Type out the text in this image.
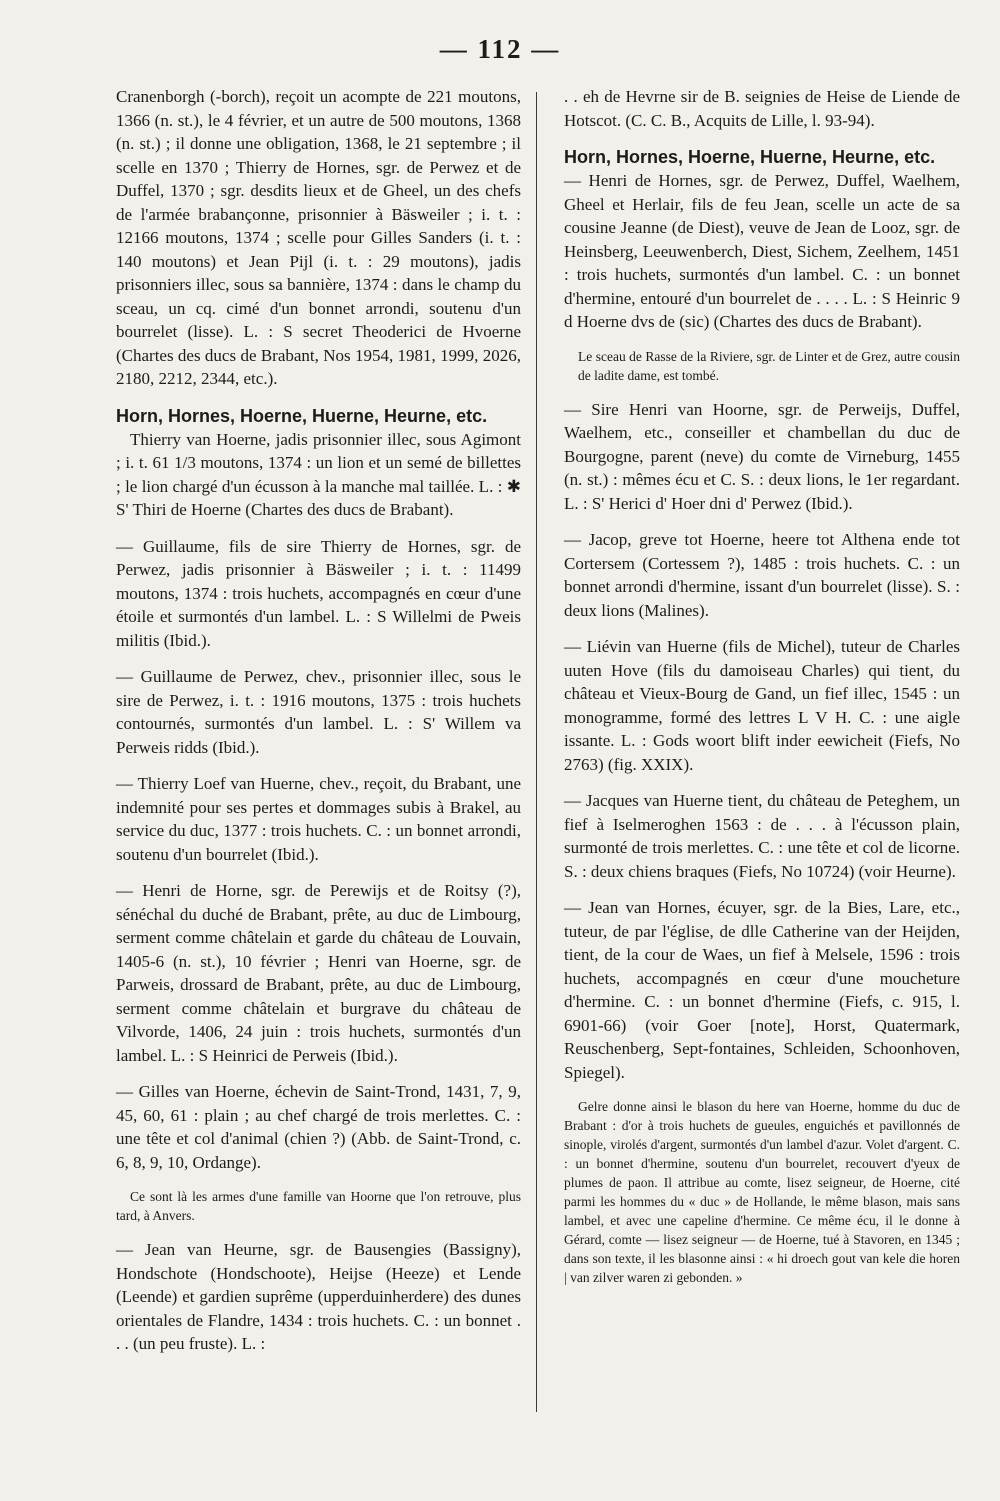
— 112 —

Cranenborgh (-borch), reçoit un acompte de 221 moutons, 1366 (n. st.), le 4 février, et un autre de 500 moutons, 1368 (n. st.) ; il donne une obligation, 1368, le 21 septembre ; il scelle en 1370 ; Thierry de Hornes, sgr. de Perwez et de Duffel, 1370 ; sgr. desdits lieux et de Gheel, un des chefs de l'armée brabançonne, prisonnier à Bäsweiler ; i. t. : 12166 moutons, 1374 ; scelle pour Gilles Sanders (i. t. : 140 moutons) et Jean Pijl (i. t. : 29 moutons), jadis prisonniers illec, sous sa bannière, 1374 : dans le champ du sceau, un cq. cimé d'un bonnet arrondi, soutenu d'un bourrelet (lisse). L. : S secret Theoderici de Hvoerne (Chartes des ducs de Brabant, Nos 1954, 1981, 1999, 2026, 2180, 2212, 2344, etc.).

Horn, Hornes, Hoerne, Huerne, Heurne, etc.

Thierry van Hoerne, jadis prisonnier illec, sous Agimont ; i. t. 61 1/3 moutons, 1374 : un lion et un semé de billettes ; le lion chargé d'un écusson à la manche mal taillée. L. : ✱ S' Thiri de Hoerne (Chartes des ducs de Brabant).

— Guillaume, fils de sire Thierry de Hornes, sgr. de Perwez, jadis prisonnier à Bäsweiler ; i. t. : 11499 moutons, 1374 : trois huchets, accompagnés en cœur d'une étoile et surmontés d'un lambel. L. : S Willelmi de Pweis militis (Ibid.).

— Guillaume de Perwez, chev., prisonnier illec, sous le sire de Perwez, i. t. : 1916 moutons, 1375 : trois huchets contournés, surmontés d'un lambel. L. : S' Willem va Perweis ridds (Ibid.).

— Thierry Loef van Huerne, chev., reçoit, du Brabant, une indemnité pour ses pertes et dommages subis à Brakel, au service du duc, 1377 : trois huchets. C. : un bonnet arrondi, soutenu d'un bourrelet (Ibid.).

— Henri de Horne, sgr. de Perewijs et de Roitsy (?), sénéchal du duché de Brabant, prête, au duc de Limbourg, serment comme châtelain et garde du château de Louvain, 1405-6 (n. st.), 10 février ; Henri van Hoerne, sgr. de Parweis, drossard de Brabant, prête, au duc de Limbourg, serment comme châtelain et burgrave du château de Vilvorde, 1406, 24 juin : trois huchets, surmontés d'un lambel. L. : S Heinrici de Perweis (Ibid.).

— Gilles van Hoerne, échevin de Saint-Trond, 1431, 7, 9, 45, 60, 61 : plain ; au chef chargé de trois merlettes. C. : une tête et col d'animal (chien ?) (Abb. de Saint-Trond, c. 6, 8, 9, 10, Ordange).

Ce sont là les armes d'une famille van Hoorne que l'on retrouve, plus tard, à Anvers.

— Jean van Heurne, sgr. de Bausengies (Bassigny), Hondschote (Hondschoote), Heijse (Heeze) et Lende (Leende) et gardien suprême (upperduinherdere) des dunes orientales de Flandre, 1434 : trois huchets. C. : un bonnet . . . (un peu fruste). L. :

. . eh de Hevrne sir de B. seignies de Heise de Liende de Hotscot. (C. C. B., Acquits de Lille, l. 93-94).

Horn, Hornes, Hoerne, Huerne, Heurne, etc.

— Henri de Hornes, sgr. de Perwez, Duffel, Waelhem, Gheel et Herlair, fils de feu Jean, scelle un acte de sa cousine Jeanne (de Diest), veuve de Jean de Looz, sgr. de Heinsberg, Leeuwenberch, Diest, Sichem, Zeelhem, 1451 : trois huchets, surmontés d'un lambel. C. : un bonnet d'hermine, entouré d'un bourrelet de . . . . L. : S Heinric 9 d Hoerne dvs de (sic) (Chartes des ducs de Brabant).

Le sceau de Rasse de la Riviere, sgr. de Linter et de Grez, autre cousin de ladite dame, est tombé.

— Sire Henri van Hoorne, sgr. de Perweijs, Duffel, Waelhem, etc., conseiller et chambellan du duc de Bourgogne, parent (neve) du comte de Virneburg, 1455 (n. st.) : mêmes écu et C. S. : deux lions, le 1er regardant. L. : S' Herici d' Hoer dni d' Perwez (Ibid.).

— Jacop, greve tot Hoerne, heere tot Althena ende tot Cortersem (Cortessem ?), 1485 : trois huchets. C. : un bonnet arrondi d'hermine, issant d'un bourrelet (lisse). S. : deux lions (Malines).

— Liévin van Huerne (fils de Michel), tuteur de Charles uuten Hove (fils du damoiseau Charles) qui tient, du château et Vieux-Bourg de Gand, un fief illec, 1545 : un monogramme, formé des lettres L V H. C. : une aigle issante. L. : Gods woort blift inder eewicheit (Fiefs, No 2763) (fig. XXIX).

— Jacques van Huerne tient, du château de Peteghem, un fief à Iselmeroghen 1563 : de . . . à l'écusson plain, surmonté de trois merlettes. C. : une tête et col de licorne. S. : deux chiens braques (Fiefs, No 10724) (voir Heurne).

— Jean van Hornes, écuyer, sgr. de la Bies, Lare, etc., tuteur, de par l'église, de dlle Catherine van der Heijden, tient, de la cour de Waes, un fief à Melsele, 1596 : trois huchets, accompagnés en cœur d'une moucheture d'hermine. C. : un bonnet d'hermine (Fiefs, c. 915, l. 6901-66) (voir Goer [note], Horst, Quatermark, Reuschenberg, Sept-fontaines, Schleiden, Schoonhoven, Spiegel).

Gelre donne ainsi le blason du here van Hoerne, homme du duc de Brabant : d'or à trois huchets de gueules, enguichés et pavillonnés de sinople, virolés d'argent, surmontés d'un lambel d'azur. Volet d'argent. C. : un bonnet d'hermine, soutenu d'un bourrelet, recouvert d'yeux de plumes de paon. Il attribue au comte, lisez seigneur, de Hoerne, cité parmi les hommes du « duc » de Hollande, le même blason, mais sans lambel, et avec une capeline d'hermine. Ce même écu, il le donne à Gérard, comte — lisez seigneur — de Hoerne, tué à Stavoren, en 1345 ; dans son texte, il les blasonne ainsi : « hi droech gout van kele die horen | van zilver waren zi gebonden. »
